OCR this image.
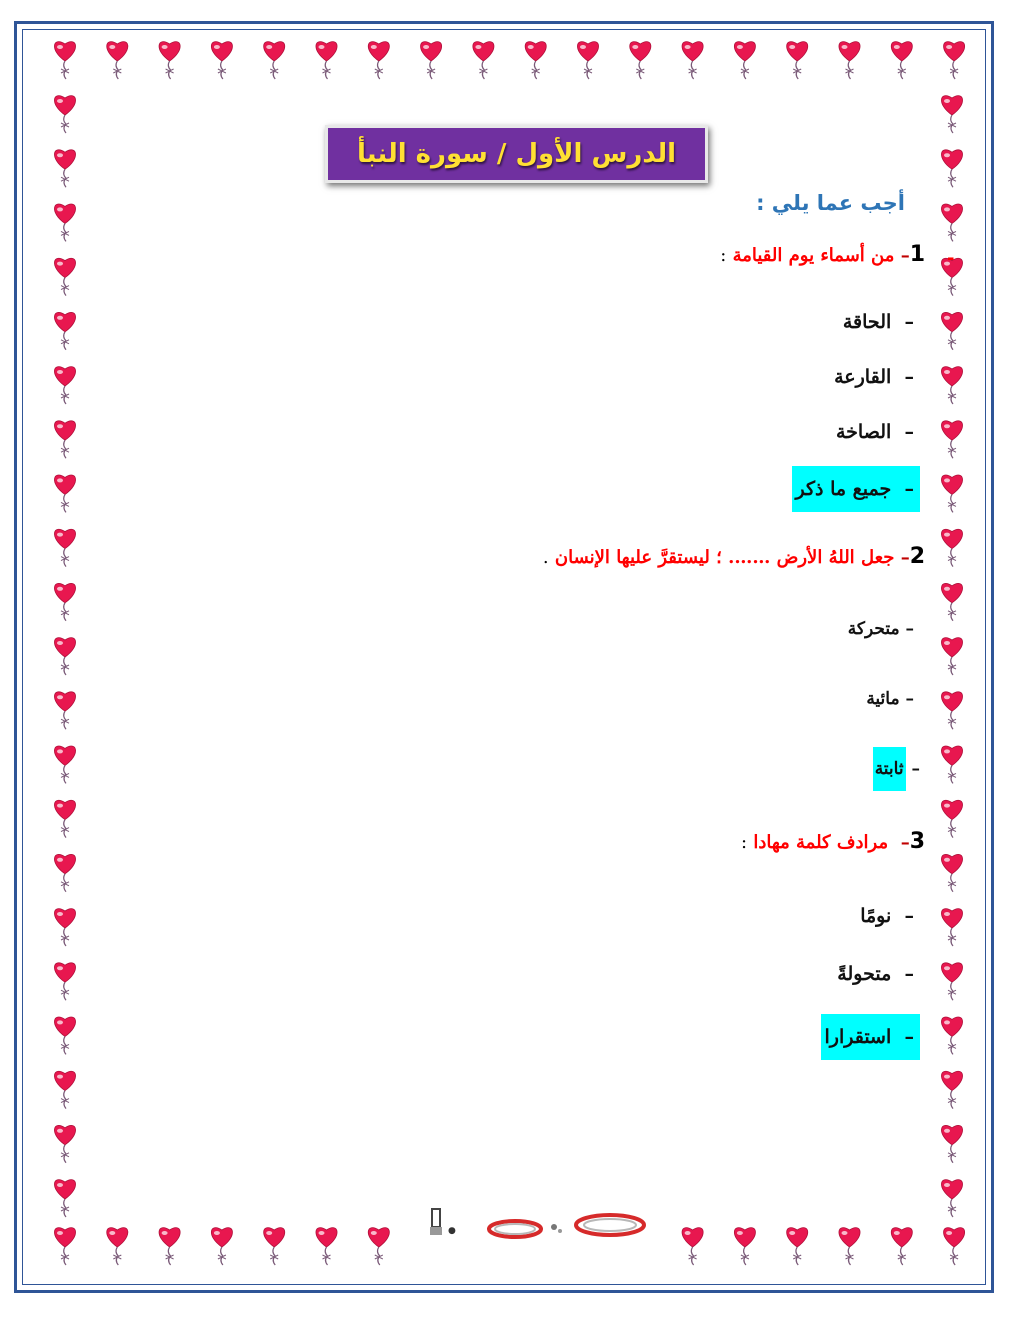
الدرس الأول / سورة النبأ
أجب عما يلي :
-
1– من أسماء يوم القيامة :
–  الحاقة
–  القارعة
–  الصاخة
–  جميع ما ذكر
2– جعل اللهُ الأرض ……. ؛ ليستقرَّ عليها الإنسان .
– متحركة
– مائية
– ثابتة
3–  مرادف كلمة مهادا :
–  نومًا
–  متحولةً
–  استقرارا
●
